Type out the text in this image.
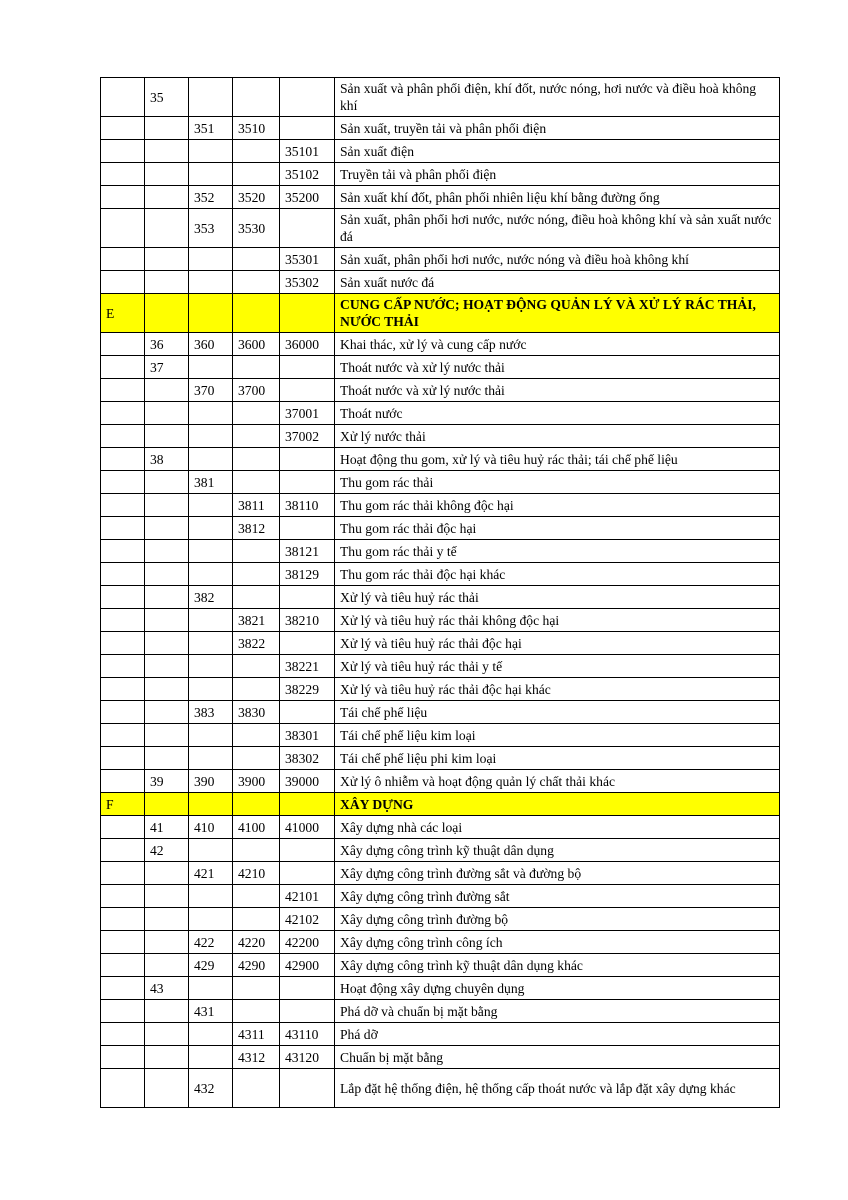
	35				Sản xuất và phân phối điện, khí đốt, nước nóng, hơi nước và điều hoà không khí
		351	3510		Sản xuất, truyền tải và phân phối điện
				35101	Sản xuất điện
				35102	Truyền tải và phân phối điện
		352	3520	35200	Sản xuất khí đốt, phân phối nhiên liệu khí bằng đường ống
		353	3530		Sản xuất, phân phối hơi nước, nước nóng, điều hoà không khí và sản xuất nước đá
				35301	Sản xuất, phân phối hơi nước, nước nóng và điều hoà không khí
				35302	Sản xuất nước đá
E					CUNG CẤP NƯỚC; HOẠT ĐỘNG QUẢN LÝ VÀ XỬ LÝ RÁC THẢI, NƯỚC THẢI
	36	360	3600	36000	Khai thác, xử lý và cung cấp nước
	37				Thoát nước và xử lý nước thải
		370	3700		Thoát nước và xử lý nước thải
				37001	Thoát nước
				37002	Xử lý nước thải
	38				Hoạt động thu gom, xử lý và tiêu huỷ rác thải; tái chế phế liệu
		381			Thu gom rác thải
			3811	38110	Thu gom rác thải không độc hại
			3812		Thu gom rác thải độc hại
				38121	Thu gom rác thải y tế
				38129	Thu gom rác thải độc hại khác
		382			Xử lý và tiêu huỷ rác thải
			3821	38210	Xử lý và tiêu huỷ rác thải không độc hại
			3822		Xử lý và tiêu huỷ rác thải độc hại
				38221	Xử lý và tiêu huỷ rác thải y tế
				38229	Xử lý và tiêu huỷ rác thải độc hại khác
		383	3830		Tái chế phế liệu
				38301	Tái chế phế liệu kim loại
				38302	Tái chế phế liệu phi kim loại
	39	390	3900	39000	Xử lý ô nhiễm và hoạt động quản lý chất thải khác
F					XÂY DỰNG
	41	410	4100	41000	Xây dựng nhà các loại
	42				Xây dựng công trình kỹ thuật dân dụng
		421	4210		Xây dựng công trình đường sắt và đường bộ
				42101	Xây dựng công trình đường sắt
				42102	Xây dựng công trình đường bộ
		422	4220	42200	Xây dựng công trình công ích
		429	4290	42900	Xây dựng công trình kỹ thuật dân dụng khác
	43				Hoạt động xây dựng chuyên dụng
		431			Phá dỡ và chuẩn bị mặt bằng
			4311	43110	Phá dỡ
			4312	43120	Chuẩn bị mặt bằng
		432			Lắp đặt hệ thống điện, hệ thống cấp thoát nước và lắp đặt xây dựng khác
